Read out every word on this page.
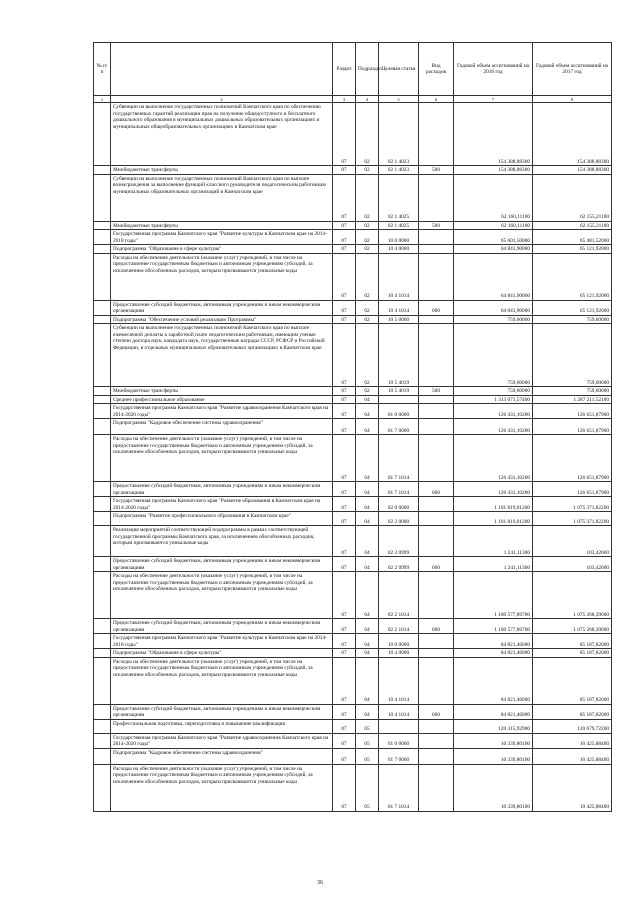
№ п/п		Раздел	Подраздел	Целевая статья	Вид расходов	Годовой объем ассигнований на 2016 год	Годовой объем ассигнований на 2017 год
1	2	3	4	5	6	7	8
	Субвенции на выполнение государственных полномочий Камчатского края по обеспечению государственных гарантий реализации прав на получение общедоступного и бесплатного дошкольного образования в муниципальных дошкольных образовательных организациях и муниципальных общеобразовательных организациях в Камчатском крае	07	02	02 1 4023		154 388,88300	154 388,88300
	Межбюджетные трансферты	07	02	02 1 4023	500	154 388,88300	154 388,88300
	Субвенции на выполнение государственных полномочий Камчатского края по выплате вознаграждения за выполнение функций классного руководителя педагогическим работникам муниципальных образовательных организаций в Камчатском крае	07	02	02 1 4025		62 160,11100	62 155,21100
	Межбюджетные трансферты	07	02	02 1 4025	500	62 160,11100	62 155,21100
	Государственная программа Камчатского края "Развитие культуры в Камчатском крае на 2014-2018 годы"	07	02	10 0 0000		65 601,50000	65 481,52000
	Подпрограмма "Образование в сфере культуры"	07	02	10 4 0000		64 841,90000	65 121,92000
	Расходы на обеспечение деятельности (оказание услуг) учреждений, в том числе на предоставление государственным бюджетным и автономным учреждениям субсидий, за исключением обособленных расходов, которым присваиваются уникальные коды	07	02	10 4 1014		64 841,90000	65 121,92000
	Предоставление субсидий бюджетным, автономным учреждениям и иным некоммерческим организациям	07	02	10 4 1014	600	64 841,90000	65 121,92000
	Подпрограмма "Обеспечение условий реализации Программы"	07	02	10 5 0000		759,60000	759,60000
	Субвенции на выполнение государственных полномочий Камчатского края по выплате ежемесячной доплаты к заработной плате педагогическим работникам, имеющим ученые степени доктора наук, кандидата наук, государственные награды СССР, РСФСР и Российской Федерации, в отдельных муниципальных образовательных организациях в Камчатском крае	07	02	10 5 4019		759,60000	759,60000
	Межбюджетные трансферты	07	02	10 5 4019	500	759,60000	759,60000
	Среднее профессиональное образование	07	04			1 313 071,57400	1 287 211,52100
	Государственная программа Камчатского края "Развитие здравоохранения Камчатского края на 2014-2020 годы"	07	04	01 0 0000		126 431,10200	126 651,87900
	Подпрограмма "Кадровое обеспечение системы здравоохранения"	07	04	01 7 0000		126 431,10200	126 651,87900
	Расходы на обеспечение деятельности (оказание услуг) учреждений, в том числе на предоставление государственным бюджетным и автономным учреждениям субсидий, за исключением обособленных расходов, которым присваиваются уникальные коды	07	04	01 7 1014		126 431,10200	126 651,87900
	Предоставление субсидий бюджетным, автономным учреждениям и иным некоммерческим организациям	07	04	01 7 1014	600	126 431,10200	126 651,87900
	Государственная программа Камчатского края "Развитие образования в Камчатском крае на 2014-2020 годы"	07	04	02 0 0000		1 101 819,01200	1 075 371,82200
	Подпрограмма "Развитие профессионального образования в Камчатском крае"	07	04	02 2 0000		1 101 819,01200	1 075 371,82200
	Реализация мероприятий соответствующей подпрограммы в рамках соответствующей государственной программы Камчатского края, за исключением обособленных расходов, которым присваиваются уникальные коды	07	04	02 2 0999		1 241,11300	103,42600
	Предоставление субсидий бюджетным, автономным учреждениям и иным некоммерческим организациям	07	04	02 2 0999	600	1 241,11300	103,42600
	Расходы на обеспечение деятельности (оказание услуг) учреждений, в том числе на предоставление государственным бюджетным и автономным учреждениям субсидий, за исключением обособленных расходов, которым присваиваются уникальные коды	07	04	02 2 1014		1 100 577,89700	1 075 268,39600
	Предоставление субсидий бюджетным, автономным учреждениям и иным некоммерческим организациям	07	04	02 2 1014	600	1 100 577,89700	1 075 268,39600
	Государственная программа Камчатского края "Развитие культуры в Камчатском крае на 2014-2018 годы"	07	04	10 0 0000		84 821,46000	85 187,82000
	Подпрограмма "Образование в сфере культуры"	07	04	10 4 0000		84 821,46000	85 187,82000
	Расходы на обеспечение деятельности (оказание услуг) учреждений, в том числе на предоставление государственным бюджетным и автономным учреждениям субсидий, за исключением обособленных расходов, которым присваиваются уникальные коды	07	04	10 4 1014		84 821,46000	85 187,82000
	Предоставление субсидий бюджетным, автономным учреждениям и иным некоммерческим организациям	07	04	10 4 1014	600	84 821,46000	85 187,82000
	Профессиональная подготовка, переподготовка и повышение квалификации	07	05			120 315,92900	120 679,72200
	Государственная программа Камчатского края "Развитие здравоохранения Камчатского края на 2014-2020 годы"	07	05	01 0 0000		10 339,80100	10 425,88400
	Подпрограмма "Кадровое обеспечение системы здравоохранения"	07	05	01 7 0000		10 339,80100	10 425,88400
	Расходы на обеспечение деятельности (оказание услуг) учреждений, в том числе на предоставление государственным бюджетным и автономным учреждениям субсидий, за исключением обособленных расходов, которым присваиваются уникальные коды	07	05	01 7 1014		10 339,80100	10 425,88400
36
